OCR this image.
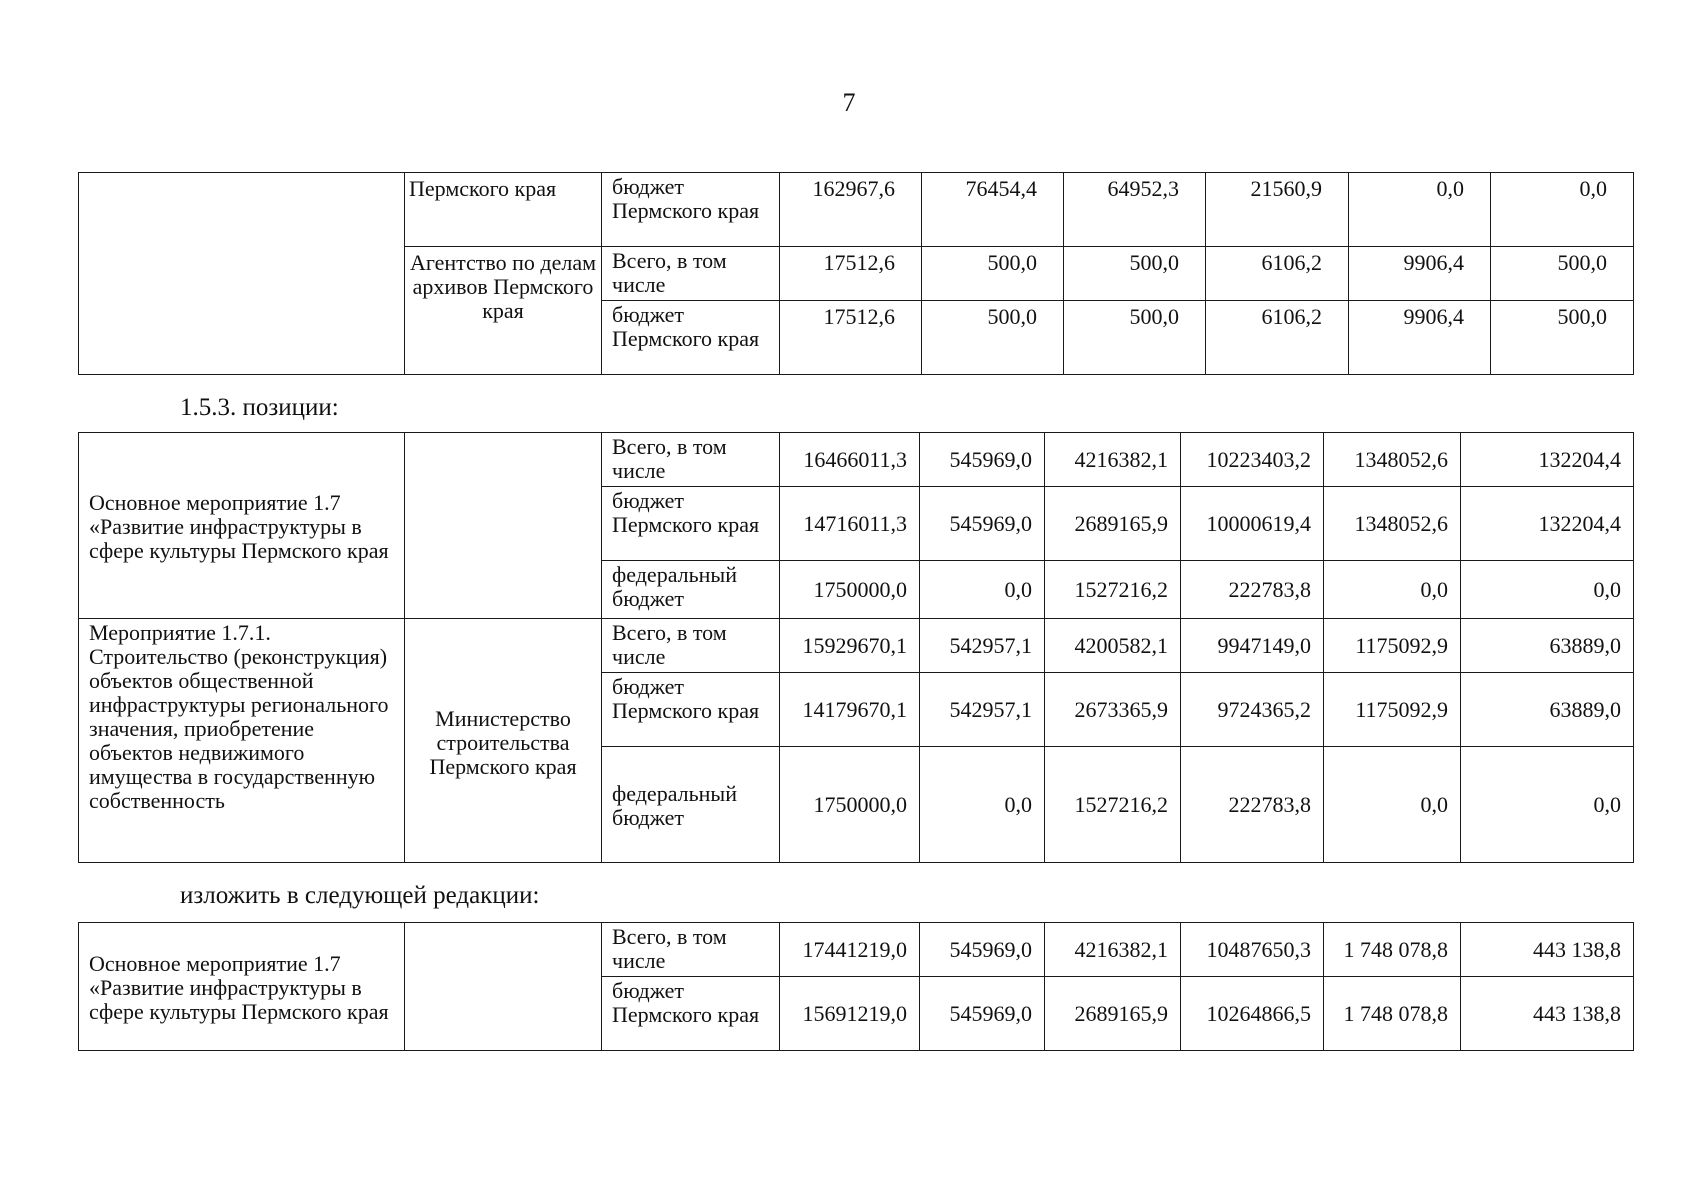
7
	Пермского края	бюджет Пермского края	162967,6	76454,4	64952,3	21560,9	0,0	0,0
	Агентство по делам архивов Пермского края	Всего, в том числе	17512,6	500,0	500,0	6106,2	9906,4	500,0
		бюджет Пермского края	17512,6	500,0	500,0	6106,2	9906,4	500,0
1.5.3. позиции:
Основное мероприятие 1.7 «Развитие инфраструктуры в сфере культуры Пермского края		Всего, в том числе	16466011,3	545969,0	4216382,1	10223403,2	1348052,6	132204,4
		бюджет Пермского края	14716011,3	545969,0	2689165,9	10000619,4	1348052,6	132204,4
		федеральный бюджет	1750000,0	0,0	1527216,2	222783,8	0,0	0,0
Мероприятие 1.7.1. Строительство (реконструкция) объектов общественной инфраструктуры регионального значения, приобретение объектов недвижимого имущества в государственную собственность	Министерство строительства Пермского края	Всего, в том числе	15929670,1	542957,1	4200582,1	9947149,0	1175092,9	63889,0
		бюджет Пермского края	14179670,1	542957,1	2673365,9	9724365,2	1175092,9	63889,0
		федеральный бюджет	1750000,0	0,0	1527216,2	222783,8	0,0	0,0
изложить в следующей редакции:
Основное мероприятие 1.7 «Развитие инфраструктуры в сфере культуры Пермского края		Всего, в том числе	17441219,0	545969,0	4216382,1	10487650,3	1 748 078,8	443 138,8
		бюджет Пермского края	15691219,0	545969,0	2689165,9	10264866,5	1 748 078,8	443 138,8
